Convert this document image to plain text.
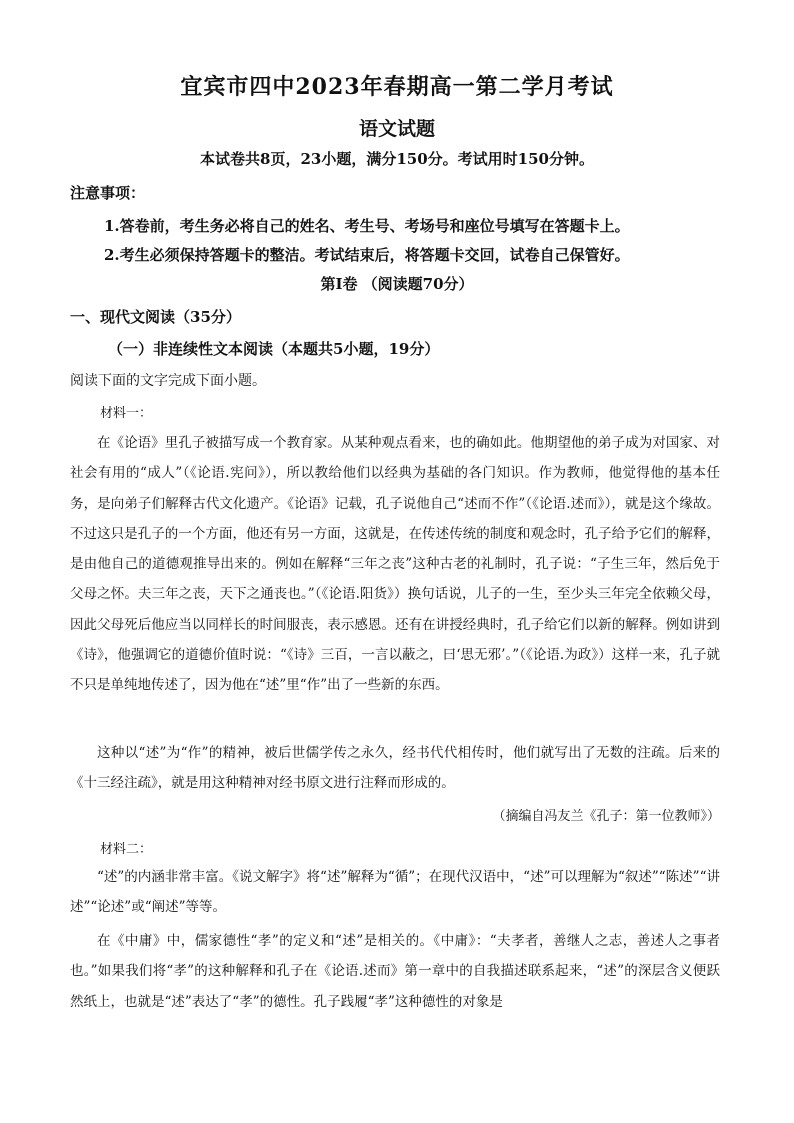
宜宾市四中2023年春期高一第二学月考试
语文试题
本试卷共8页，23小题，满分150分。考试用时150分钟。
注意事项：
1.答卷前，考生务必将自己的姓名、考生号、考场号和座位号填写在答题卡上。
2.考生必须保持答题卡的整洁。考试结束后，将答题卡交回，试卷自己保管好。
第I卷 （阅读题70分）
一、现代文阅读（35分）
（一）非连续性文本阅读（本题共5小题，19分）
阅读下面的文字完成下面小题。
材料一：
在《论语》里孔子被描写成一个教育家。从某种观点看来，也的确如此。他期望他的弟子成为对国家、对社会有用的“成人”（《论语.宪问》），所以教给他们以经典为基础的各门知识。作为教师，他觉得他的基本任务，是向弟子们解释古代文化遗产。《论语》记载，孔子说他自己“述而不作”（《论语.述而》），就是这个缘故。不过这只是孔子的一个方面，他还有另一方面，这就是，在传述传统的制度和观念时，孔子给予它们的解释，是由他自己的道德观推导出来的。例如在解释“三年之丧”这种古老的礼制时，孔子说：“子生三年，然后免于父母之怀。夫三年之丧，天下之通丧也。”（《论语.阳货》）换句话说，儿子的一生，至少头三年完全依赖父母，因此父母死后他应当以同样长的时间服丧，表示感恩。还有在讲授经典时，孔子给它们以新的解释。例如讲到《诗》，他强调它的道德价值时说：“《诗》三百，一言以蔽之，曰‘思无邪’。”（《论语.为政》）这样一来，孔子就不只是单纯地传述了，因为他在“述”里“作”出了一些新的东西。
这种以“述”为“作”的精神，被后世儒学传之永久，经书代代相传时，他们就写出了无数的注疏。后来的《十三经注疏》，就是用这种精神对经书原文进行注释而形成的。
（摘编自冯友兰《孔子：第一位教师》）
材料二：
“述”的内涵非常丰富。《说文解字》将“述”解释为“循”；在现代汉语中，“述”可以理解为“叙述”“陈述”“讲述”“论述”或“阐述”等等。
在《中庸》中，儒家德性“孝”的定义和“述”是相关的。《中庸》：“夫孝者，善继人之志，善述人之事者也。”如果我们将“孝”的这种解释和孔子在《论语.述而》第一章中的自我描述联系起来，“述”的深层含义便跃然纸上，也就是“述”表达了“孝”的德性。孔子践履“孝”这种德性的对象是
